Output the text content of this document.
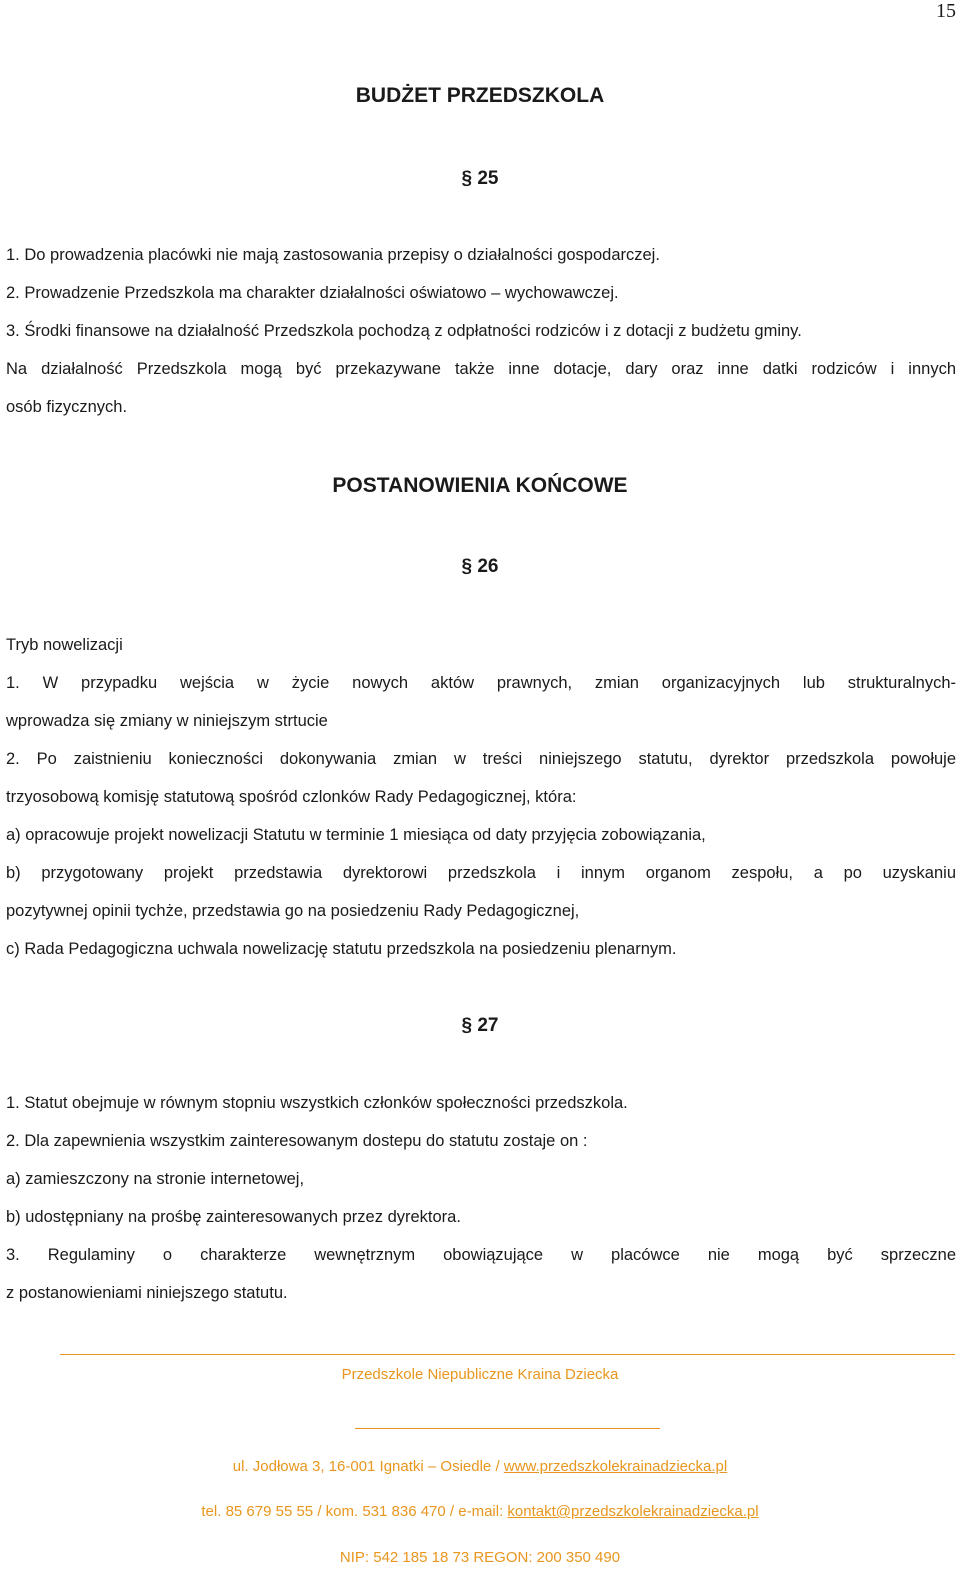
15
BUDŻET PRZEDSZKOLA
§ 25
1. Do prowadzenia placówki nie mają zastosowania przepisy o działalności gospodarczej.
2. Prowadzenie Przedszkola ma charakter działalności oświatowo – wychowawczej.
3. Środki finansowe na działalność Przedszkola pochodzą z odpłatności rodziców i z dotacji z budżetu gminy.
Na działalność Przedszkola mogą być przekazywane także inne dotacje, dary oraz inne datki rodziców i innych
osób fizycznych.
POSTANOWIENIA KOŃCOWE
§ 26
Tryb nowelizacji
1. W przypadku wejścia w życie nowych aktów prawnych, zmian organizacyjnych lub strukturalnych-
wprowadza się zmiany w niniejszym strtucie
2. Po zaistnieniu konieczności dokonywania zmian w treści niniejszego statutu, dyrektor przedszkola powołuje
trzyosobową komisję statutową spośród czlonków Rady Pedagogicznej, która:
a) opracowuje projekt nowelizacji Statutu w terminie 1 miesiąca od daty przyjęcia zobowiązania,
b) przygotowany projekt przedstawia dyrektorowi przedszkola i innym organom zespołu, a po uzyskaniu
pozytywnej opinii tychże, przedstawia go na posiedzeniu Rady Pedagogicznej,
c) Rada Pedagogiczna uchwala nowelizację statutu przedszkola na posiedzeniu plenarnym.
§ 27
1. Statut obejmuje w równym stopniu wszystkich członków społeczności przedszkola.
2. Dla zapewnienia wszystkim zainteresowanym dostepu do statutu zostaje on :
a) zamieszczony na stronie internetowej,
b) udostępniany na prośbę zainteresowanych przez dyrektora.
3. Regulaminy o charakterze wewnętrznym obowiązujące w placówce nie mogą być sprzeczne
z postanowieniami niniejszego statutu.
Przedszkole Niepubliczne Kraina Dziecka
ul. Jodłowa 3, 16-001 Ignatki – Osiedle / www.przedszkolekrainadziecka.pl
tel. 85 679 55 55 / kom. 531 836 470 / e-mail: kontakt@przedszkolekrainadziecka.pl
NIP: 542 185 18 73 REGON: 200 350 490
